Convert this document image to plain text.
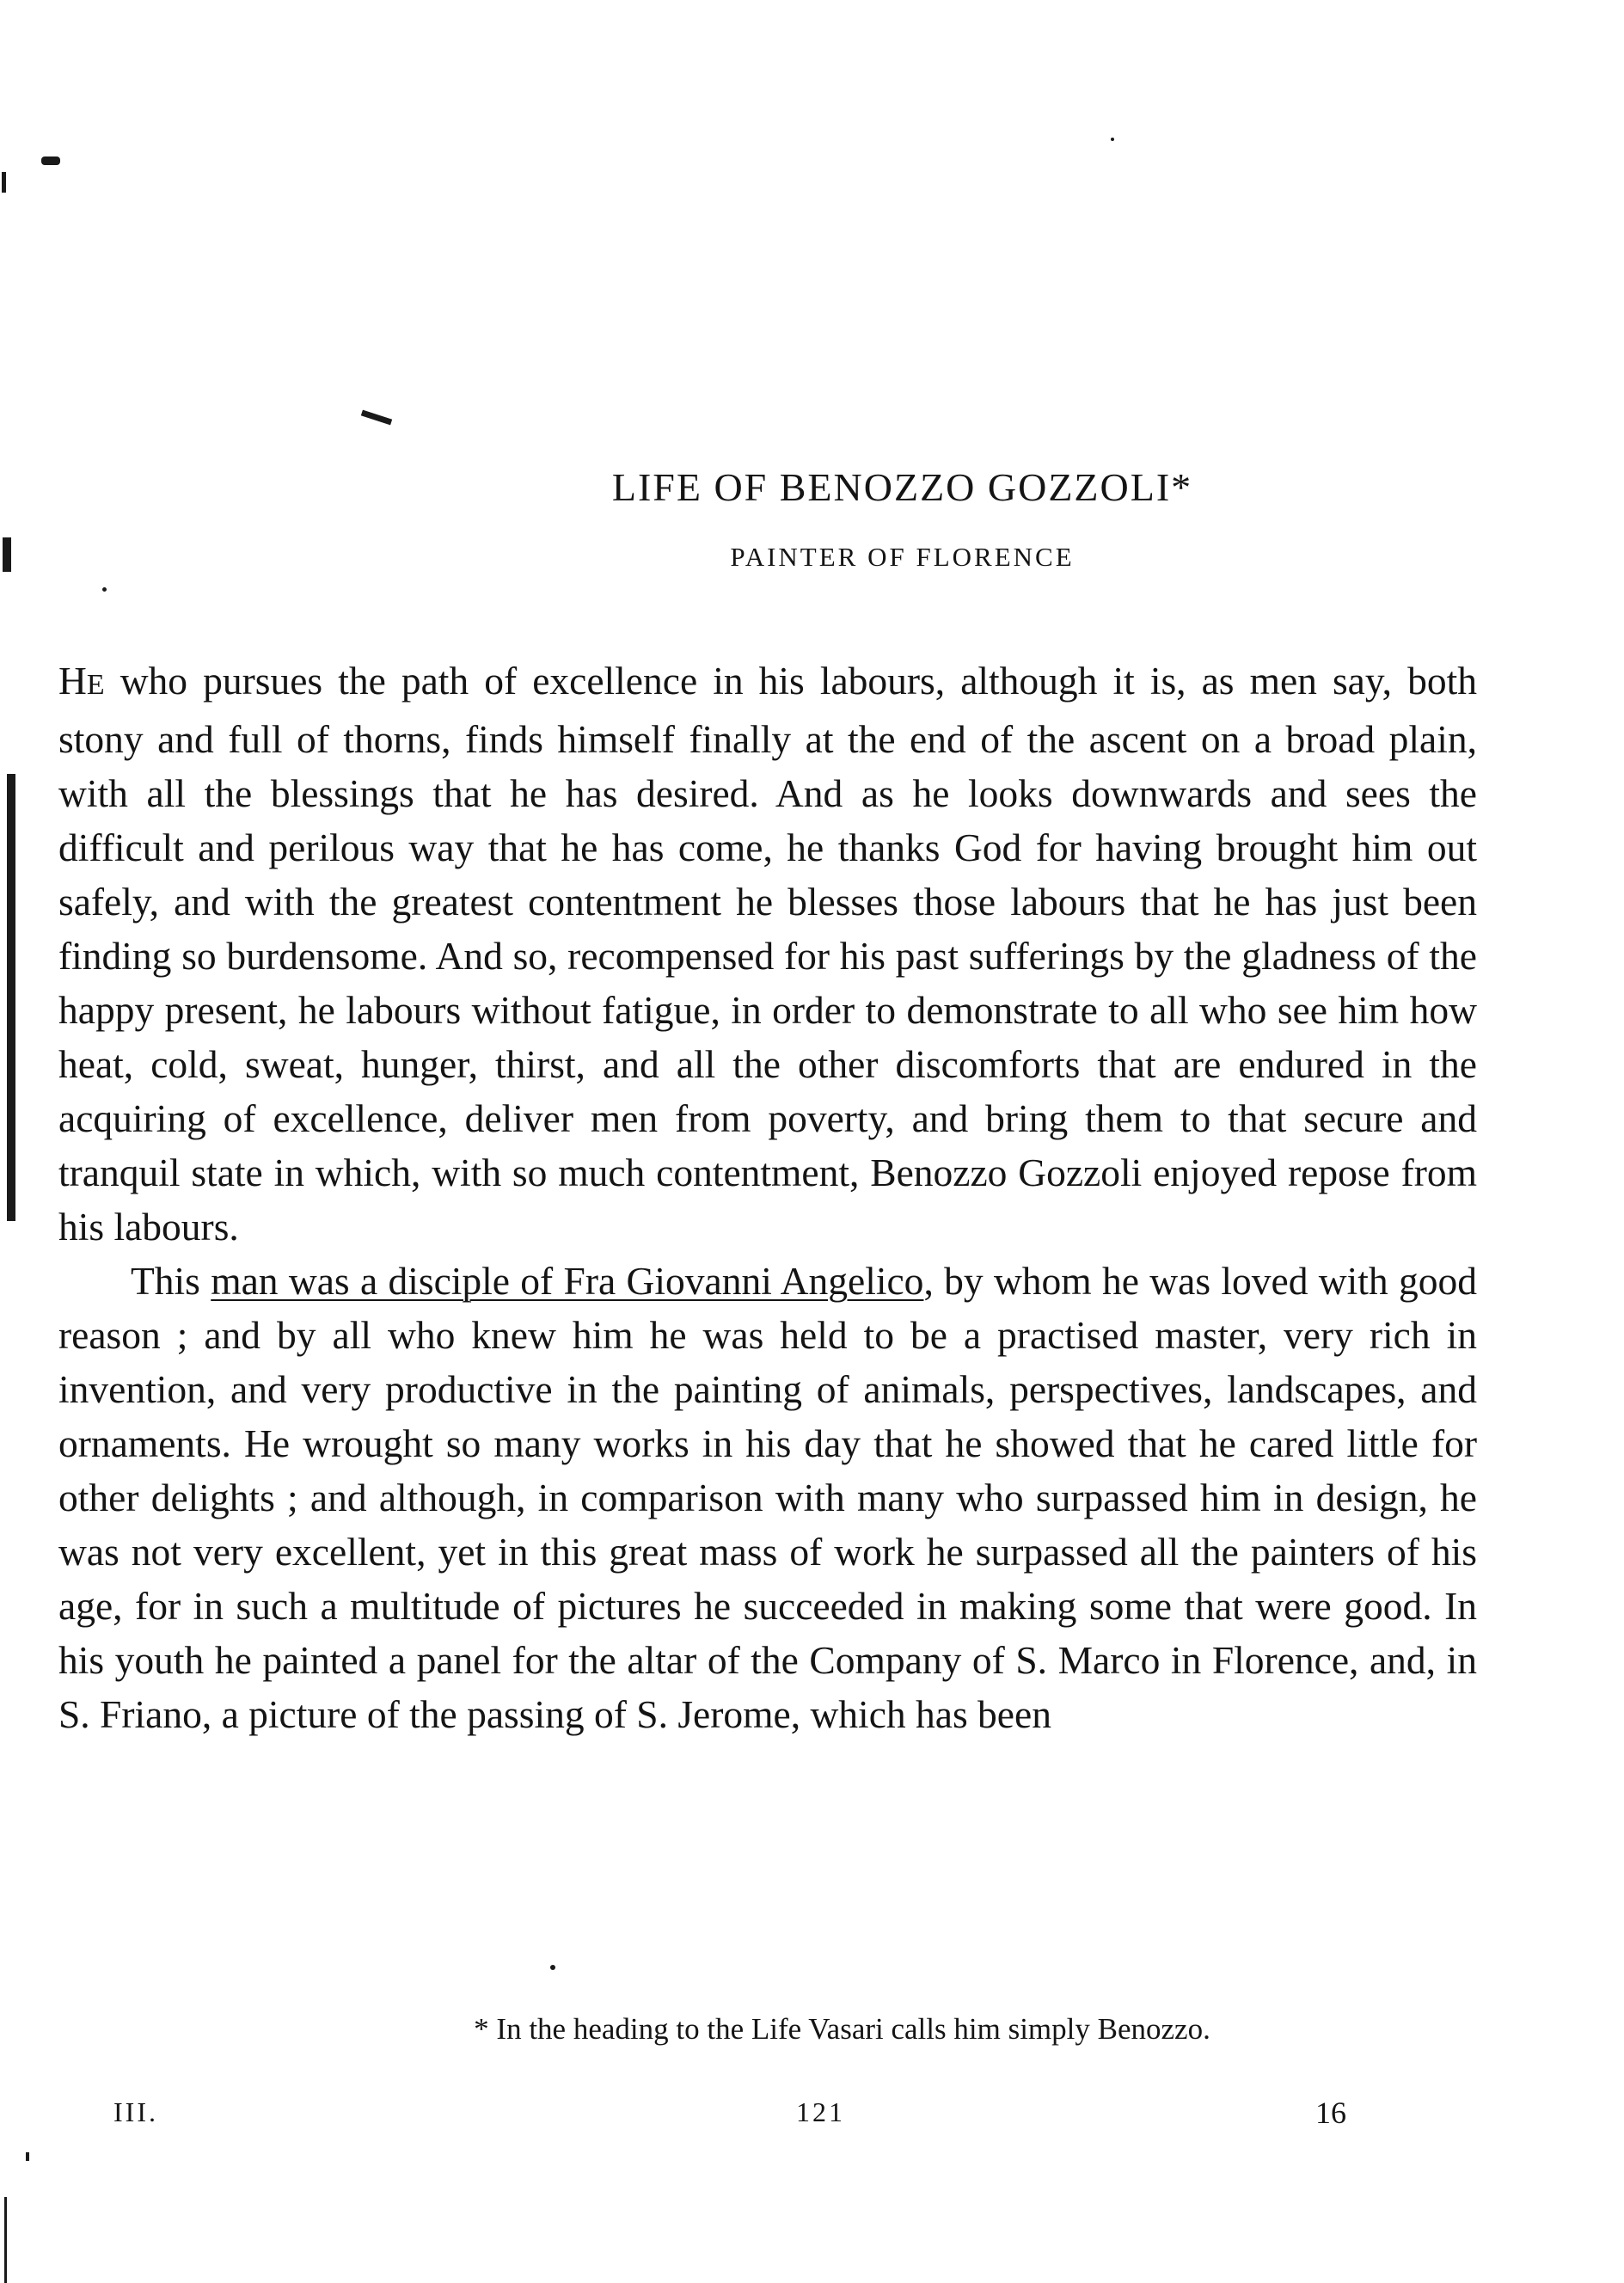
LIFE OF BENOZZO GOZZOLI*
PAINTER OF FLORENCE

HE who pursues the path of excellence in his labours, although it is, as men say, both stony and full of thorns, finds himself finally at the end of the ascent on a broad plain, with all the blessings that he has desired. And as he looks downwards and sees the difficult and perilous way that he has come, he thanks God for having brought him out safely, and with the greatest contentment he blesses those labours that he has just been finding so burdensome. And so, recompensed for his past sufferings by the gladness of the happy present, he labours without fatigue, in order to demonstrate to all who see him how heat, cold, sweat, hunger, thirst, and all the other discomforts that are endured in the acquiring of excellence, deliver men from poverty, and bring them to that secure and tranquil state in which, with so much contentment, Benozzo Gozzoli enjoyed repose from his labours.

This man was a disciple of Fra Giovanni Angelico, by whom he was loved with good reason ; and by all who knew him he was held to be a practised master, very rich in invention, and very productive in the painting of animals, perspectives, landscapes, and ornaments. He wrought so many works in his day that he showed that he cared little for other delights ; and although, in comparison with many who surpassed him in design, he was not very excellent, yet in this great mass of work he surpassed all the painters of his age, for in such a multitude of pictures he succeeded in making some that were good. In his youth he painted a panel for the altar of the Company of S. Marco in Florence, and, in S. Friano, a picture of the passing of S. Jerome, which has been

* In the heading to the Life Vasari calls him simply Benozzo.
III.	121	16
